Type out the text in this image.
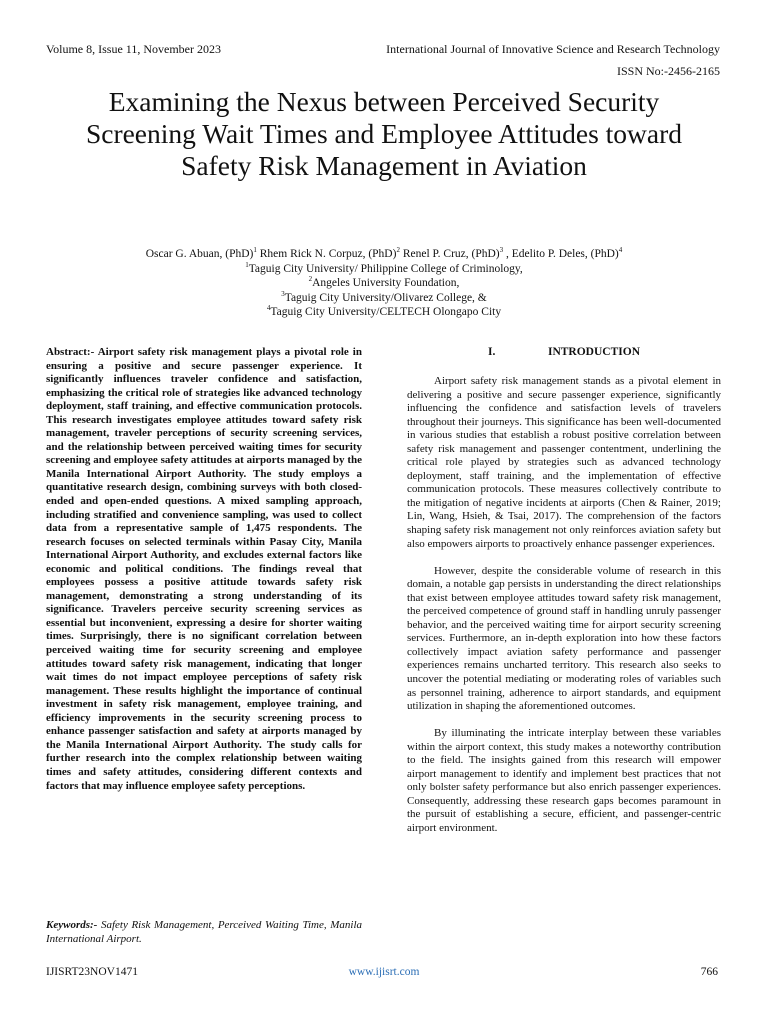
Volume 8, Issue 11, November 2023	International Journal of Innovative Science and Research Technology
ISSN No:-2456-2165
Examining the Nexus between Perceived Security Screening Wait Times and Employee Attitudes toward Safety Risk Management in Aviation
Oscar G. Abuan, (PhD)$^1$ Rhem Rick N. Corpuz, (PhD)$^2$ Renel P. Cruz, (PhD)$^3$ , Edelito P. Deles, (PhD)$^4$
$^1$Taguig City University/ Philippine College of Criminology,
$^2$Angeles University Foundation,
$^3$Taguig City University/Olivarez College, &
$^4$Taguig City University/CELTECH Olongapo City
Abstract:- Airport safety risk management plays a pivotal role in ensuring a positive and secure passenger experience. It significantly influences traveler confidence and satisfaction, emphasizing the critical role of strategies like advanced technology deployment, staff training, and effective communication protocols. This research investigates employee attitudes toward safety risk management, traveler perceptions of security screening services, and the relationship between perceived waiting times for security screening and employee safety attitudes at airports managed by the Manila International Airport Authority. The study employs a quantitative research design, combining surveys with both closed-ended and open-ended questions. A mixed sampling approach, including stratified and convenience sampling, was used to collect data from a representative sample of 1,475 respondents. The research focuses on selected terminals within Pasay City, Manila International Airport Authority, and excludes external factors like economic and political conditions. The findings reveal that employees possess a positive attitude towards safety risk management, demonstrating a strong understanding of its significance. Travelers perceive security screening services as essential but inconvenient, expressing a desire for shorter waiting times. Surprisingly, there is no significant correlation between perceived waiting time for security screening and employee attitudes toward safety risk management, indicating that longer wait times do not impact employee perceptions of safety risk management. These results highlight the importance of continual investment in safety risk management, employee training, and efficiency improvements in the security screening process to enhance passenger satisfaction and safety at airports managed by the Manila International Airport Authority. The study calls for further research into the complex relationship between waiting times and safety attitudes, considering different contexts and factors that may influence employee safety perceptions.
Keywords:- Safety Risk Management, Perceived Waiting Time, Manila International Airport.
I.	INTRODUCTION

Airport safety risk management stands as a pivotal element in delivering a positive and secure passenger experience, significantly influencing the confidence and satisfaction levels of travelers throughout their journeys. This significance has been well-documented in various studies that establish a robust positive correlation between safety risk management and passenger contentment, underlining the critical role played by strategies such as advanced technology deployment, staff training, and the implementation of effective communication protocols. These measures collectively contribute to the mitigation of negative incidents at airports (Chen & Rainer, 2019; Lin, Wang, Hsieh, & Tsai, 2017). The comprehension of the factors shaping safety risk management not only reinforces aviation safety but also empowers airports to proactively enhance passenger experiences.

However, despite the considerable volume of research in this domain, a notable gap persists in understanding the direct relationships that exist between employee attitudes toward safety risk management, the perceived competence of ground staff in handling unruly passenger behavior, and the perceived waiting time for airport security screening services. Furthermore, an in-depth exploration into how these factors collectively impact aviation safety performance and passenger experiences remains uncharted territory. This research also seeks to uncover the potential mediating or moderating roles of variables such as personnel training, adherence to airport standards, and equipment utilization in shaping the aforementioned outcomes.

By illuminating the intricate interplay between these variables within the airport context, this study makes a noteworthy contribution to the field. The insights gained from this research will empower airport management to identify and implement best practices that not only bolster safety performance but also enrich passenger experiences. Consequently, addressing these research gaps becomes paramount in the pursuit of establishing a secure, efficient, and passenger-centric airport environment.

IJISRT23NOV1471	www.ijisrt.com	766
